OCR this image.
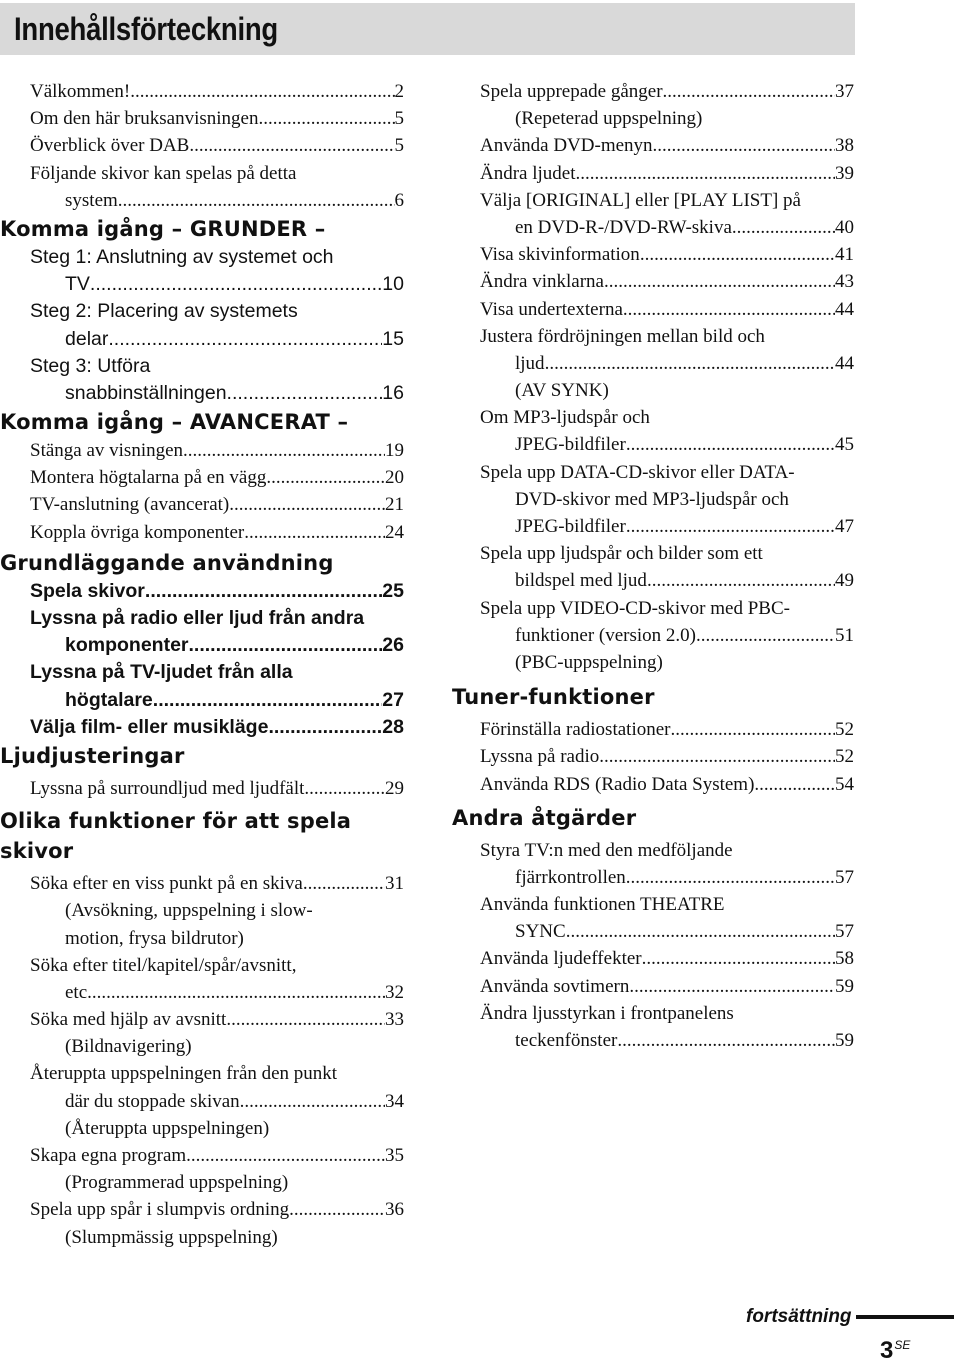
Innehållsförteckning
Välkommen! .....	2
Om den här bruksanvisningen .....	5
Överblick över DAB .....	5
Följande skivor kan spelas på detta
system .....	6
Komma igång – GRUNDER –
Steg 1: Anslutning av systemet och
TV .....	10
Steg 2: Placering av systemets
delar .....	15
Steg 3: Utföra
snabbinställningen .....	16
Komma igång – AVANCERAT –
Stänga av visningen .....	19
Montera högtalarna på en vägg .....	20
TV-anslutning (avancerat) .....	21
Koppla övriga komponenter .....	24
Grundläggande användning
Spela skivor .....	25
Lyssna på radio eller ljud från andra
komponenter .....	26
Lyssna på TV-ljudet från alla
högtalare .....	27
Välja film- eller musikläge .....	28
Ljudjusteringar
Lyssna på surroundljud med ljudfält .....	29
Olika funktioner för att spela
skivor
Söka efter en viss punkt på en skiva .....	31
(Avsökning, uppspelning i slow-
motion, frysa bildrutor)
Söka efter titel/kapitel/spår/avsnitt,
etc. .....	32
Söka med hjälp av avsnitt .....	33
(Bildnavigering)
Återuppta uppspelningen från den punkt
där du stoppade skivan .....	34
(Återuppta uppspelningen)
Skapa egna program .....	35
(Programmerad uppspelning)
Spela upp spår i slumpvis ordning .....	36
(Slumpmässig uppspelning)
Spela upprepade gånger .....	37
(Repeterad uppspelning)
Använda DVD-menyn .....	38
Ändra ljudet .....	39
Välja [ORIGINAL] eller [PLAY LIST] på
en DVD-R-/DVD-RW-skiva .....	40
Visa skivinformation .....	41
Ändra vinklarna .....	43
Visa undertexterna .....	44
Justera fördröjningen mellan bild och
ljud .....	44
(AV SYNK)
Om MP3-ljudspår och
JPEG-bildfiler .....	45
Spela upp DATA-CD-skivor eller DATA-
DVD-skivor med MP3-ljudspår och
JPEG-bildfiler .....	47
Spela upp ljudspår och bilder som ett
bildspel med ljud .....	49
Spela upp VIDEO-CD-skivor med PBC-
funktioner (version 2.0) .....	51
(PBC-uppspelning)
Tuner-funktioner
Förinställa radiostationer .....	52
Lyssna på radio .....	52
Använda RDS (Radio Data System) .....	54
Andra åtgärder
Styra TV:n med den medföljande
fjärrkontrollen .....	57
Använda funktionen THEATRE
SYNC .....	57
Använda ljudeffekter .....	58
Använda sovtimern .....	59
Ändra ljusstyrkan i frontpanelens
teckenfönster .....	59
fortsättning
$3^{SE}$
